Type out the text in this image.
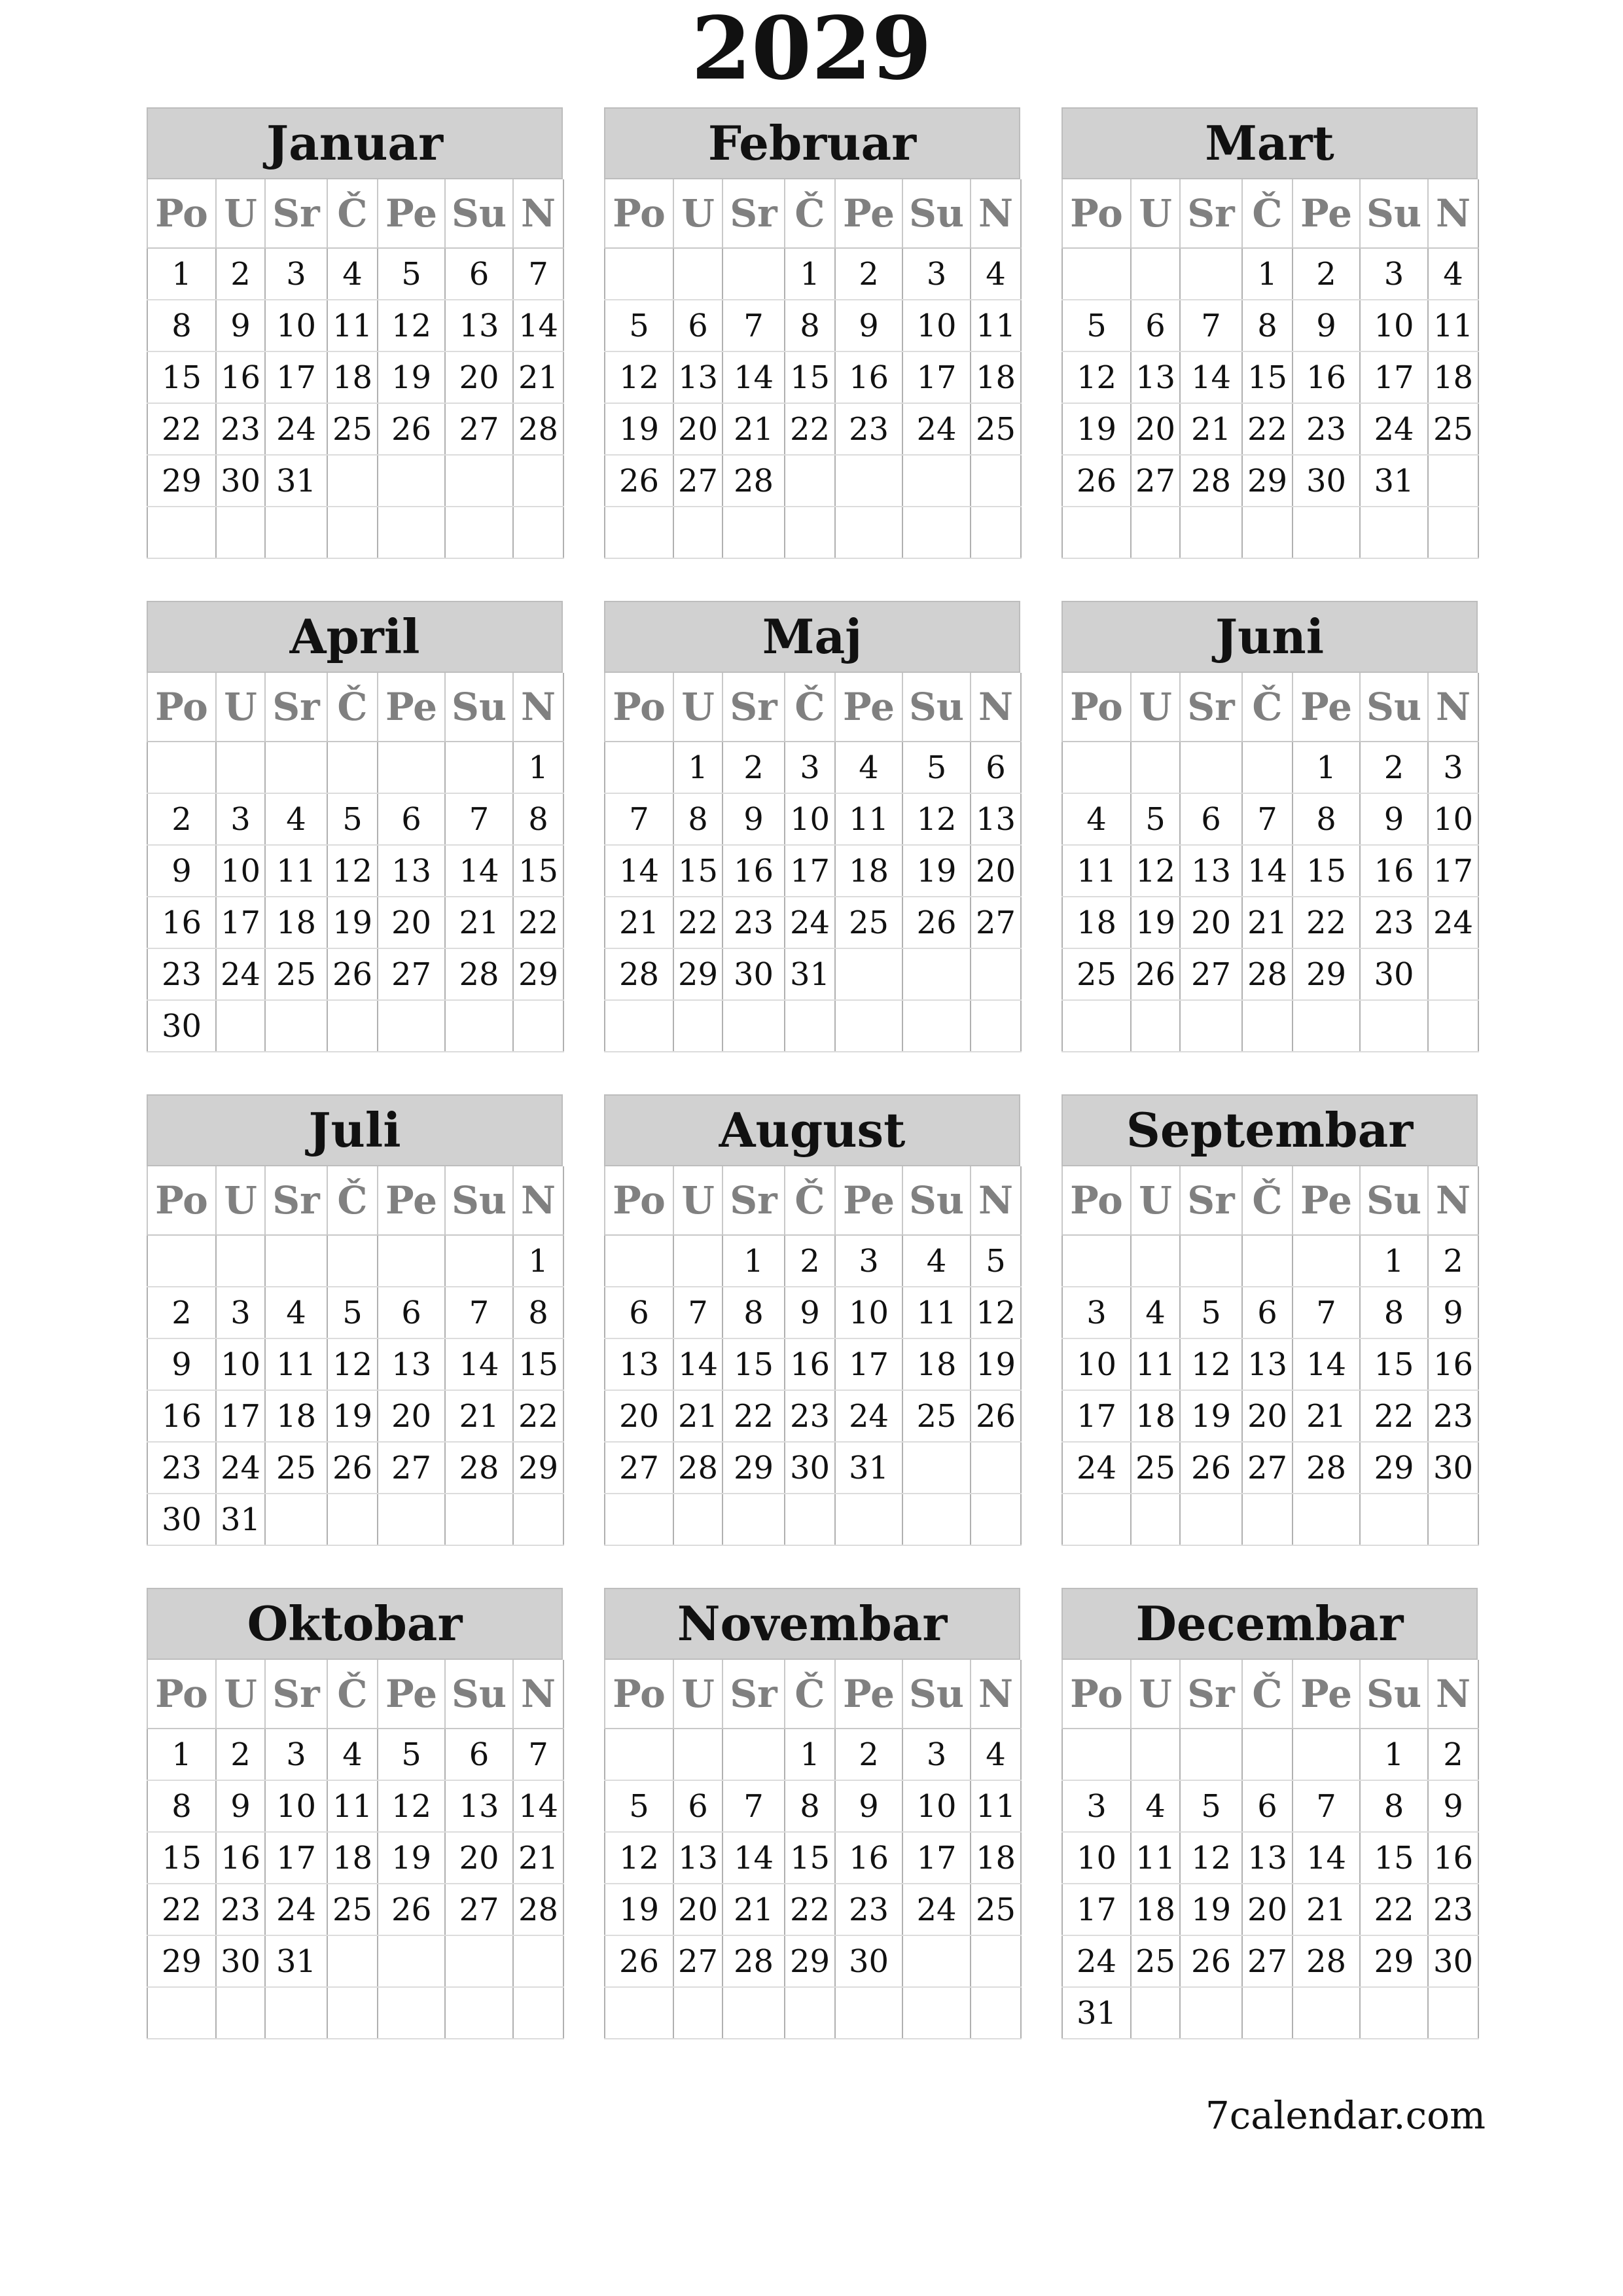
2029
Januar
Po	U	Sr	Č	Pe	Su	N
1	2	3	4	5	6	7
8	9	10	11	12	13	14
15	16	17	18	19	20	21
22	23	24	25	26	27	28
29	30	31				

Februar
Po	U	Sr	Č	Pe	Su	N
			1	2	3	4
5	6	7	8	9	10	11
12	13	14	15	16	17	18
19	20	21	22	23	24	25
26	27	28				

Mart
Po	U	Sr	Č	Pe	Su	N
			1	2	3	4
5	6	7	8	9	10	11
12	13	14	15	16	17	18
19	20	21	22	23	24	25
26	27	28	29	30	31	

April
Po	U	Sr	Č	Pe	Su	N
						1
2	3	4	5	6	7	8
9	10	11	12	13	14	15
16	17	18	19	20	21	22
23	24	25	26	27	28	29
30						
Maj
Po	U	Sr	Č	Pe	Su	N
	1	2	3	4	5	6
7	8	9	10	11	12	13
14	15	16	17	18	19	20
21	22	23	24	25	26	27
28	29	30	31			

Juni
Po	U	Sr	Č	Pe	Su	N
				1	2	3
4	5	6	7	8	9	10
11	12	13	14	15	16	17
18	19	20	21	22	23	24
25	26	27	28	29	30	

Juli
Po	U	Sr	Č	Pe	Su	N
						1
2	3	4	5	6	7	8
9	10	11	12	13	14	15
16	17	18	19	20	21	22
23	24	25	26	27	28	29
30	31					
August
Po	U	Sr	Č	Pe	Su	N
		1	2	3	4	5
6	7	8	9	10	11	12
13	14	15	16	17	18	19
20	21	22	23	24	25	26
27	28	29	30	31		

Septembar
Po	U	Sr	Č	Pe	Su	N
					1	2
3	4	5	6	7	8	9
10	11	12	13	14	15	16
17	18	19	20	21	22	23
24	25	26	27	28	29	30

Oktobar
Po	U	Sr	Č	Pe	Su	N
1	2	3	4	5	6	7
8	9	10	11	12	13	14
15	16	17	18	19	20	21
22	23	24	25	26	27	28
29	30	31				

Novembar
Po	U	Sr	Č	Pe	Su	N
			1	2	3	4
5	6	7	8	9	10	11
12	13	14	15	16	17	18
19	20	21	22	23	24	25
26	27	28	29	30		

Decembar
Po	U	Sr	Č	Pe	Su	N
					1	2
3	4	5	6	7	8	9
10	11	12	13	14	15	16
17	18	19	20	21	22	23
24	25	26	27	28	29	30
31						
7calendar.com
